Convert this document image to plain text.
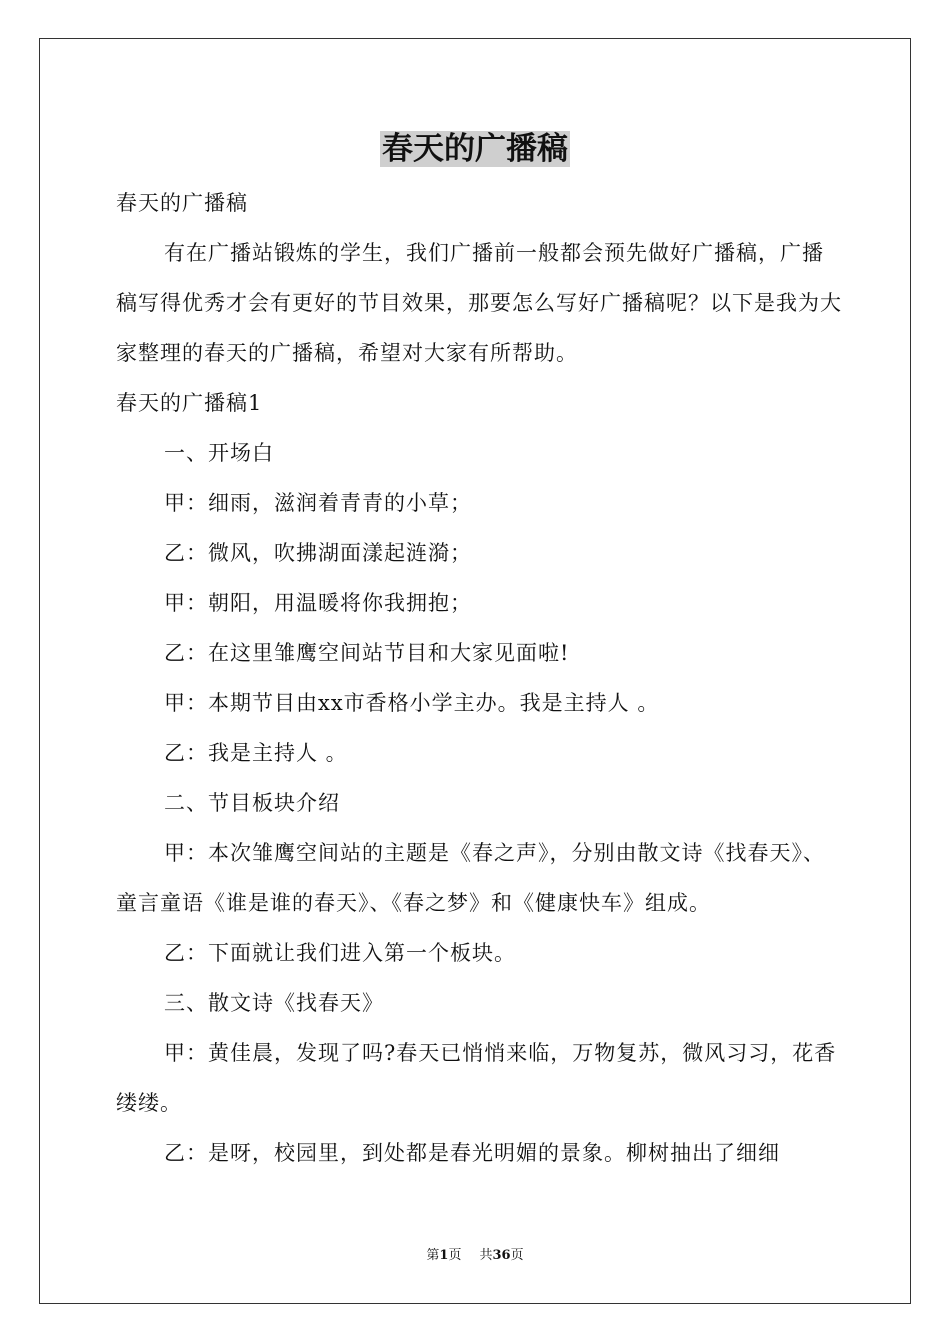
春天的广播稿

春天的广播稿

有在广播站锻炼的学生，我们广播前一般都会预先做好广播稿，广播稿写得优秀才会有更好的节目效果，那要怎么写好广播稿呢？以下是我为大家整理的春天的广播稿，希望对大家有所帮助。

春天的广播稿1

一、开场白

甲：细雨，滋润着青青的小草；

乙：微风，吹拂湖面漾起涟漪；

甲：朝阳，用温暖将你我拥抱；

乙：在这里雏鹰空间站节目和大家见面啦!

甲：本期节目由xx市香格小学主办。我是主持人 。

乙：我是主持人 。

二、节目板块介绍

甲：本次雏鹰空间站的主题是《春之声》，分别由散文诗《找春天》、童言童语《谁是谁的春天》、《春之梦》和《健康快车》组成。

乙：下面就让我们进入第一个板块。

三、散文诗《找春天》

甲：黄佳晨，发现了吗?春天已悄悄来临，万物复苏，微风习习，花香缕缕。

乙：是呀，校园里，到处都是春光明媚的景象。柳树抽出了细细

第1页 共36页
